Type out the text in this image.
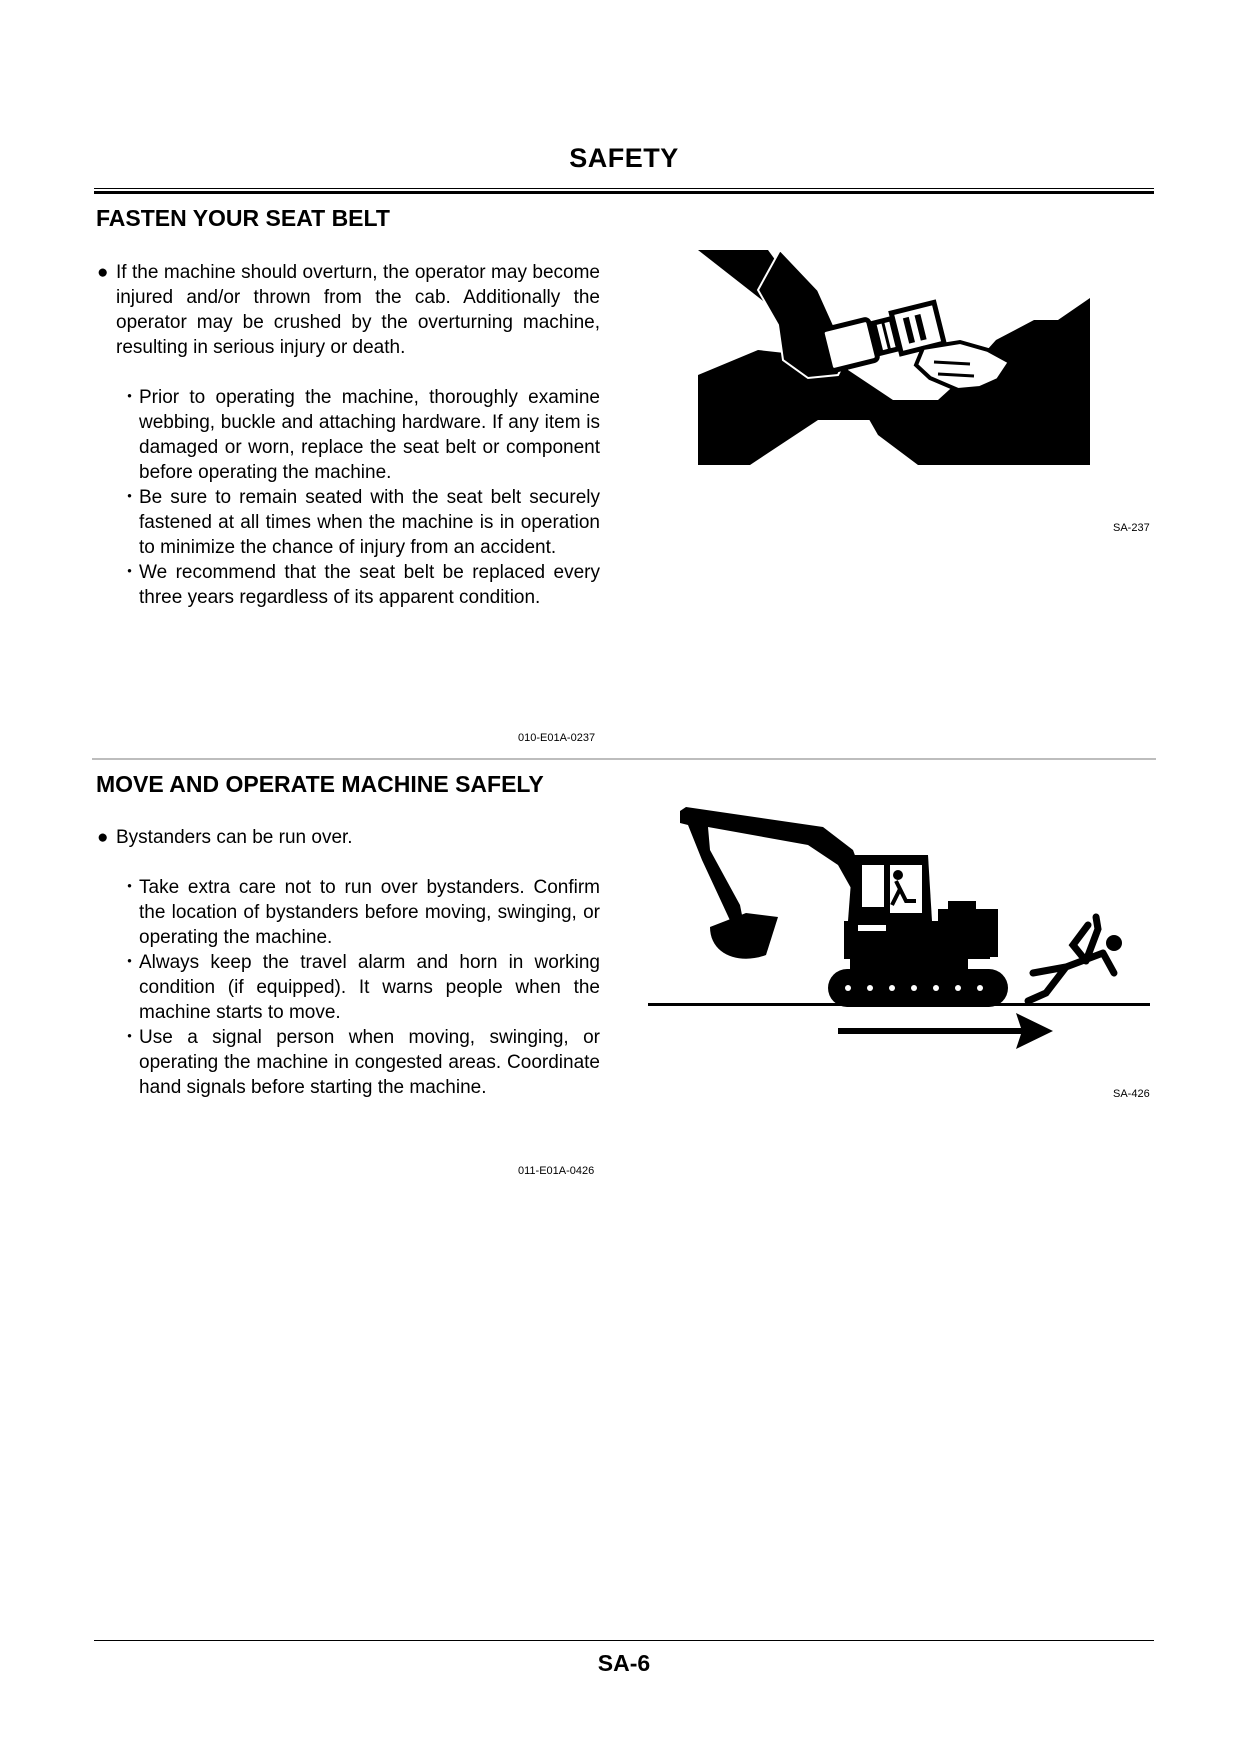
SAFETY
FASTEN YOUR SEAT BELT
● If the machine should overturn, the operator may become injured and/or thrown from the cab. Additionally the operator may be crushed by the overturning machine, resulting in serious injury or death.
・ Prior to operating the machine, thoroughly examine webbing, buckle and attaching hardware. If any item is damaged or worn, replace the seat belt or component before operating the machine.
・ Be sure to remain seated with the seat belt securely fastened at all times when the machine is in operation to minimize the chance of injury from an accident.
・ We recommend that the seat belt be replaced every three years regardless of its apparent condition.
010-E01A-0237
SA-237
MOVE AND OPERATE MACHINE SAFELY
● Bystanders can be run over.
・ Take extra care not to run over bystanders. Confirm the location of bystanders before moving, swinging, or operating the machine.
・ Always keep the travel alarm and horn in working condition (if equipped). It warns people when the machine starts to move.
・ Use a signal person when moving, swinging, or operating the machine in congested areas. Coordinate hand signals before starting the machine.
011-E01A-0426
SA-426
SA-6
